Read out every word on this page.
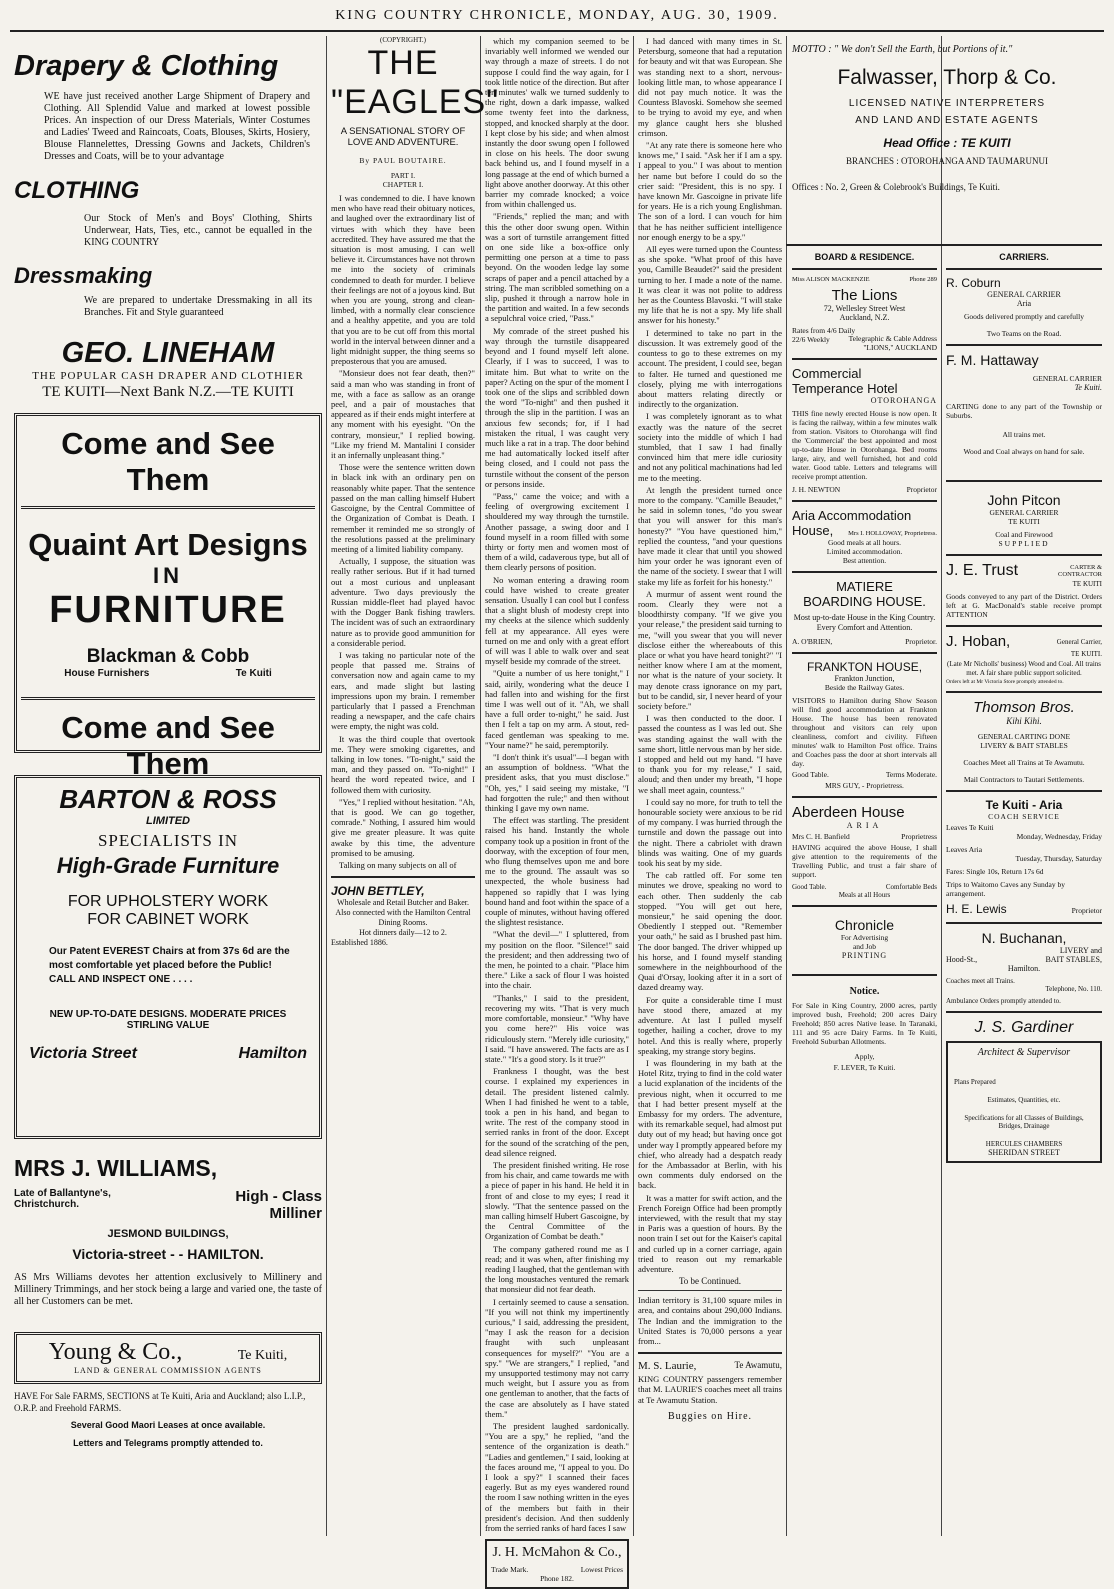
KING COUNTRY CHRONICLE, MONDAY, AUG. 30, 1909.
Drapery & Clothing
WE have just received another Large Shipment of Drapery and Clothing. All Splendid Value and marked at lowest possible Prices. An inspection of our Dress Materials, Winter Costumes and Ladies' Tweed and Raincoats, Coats, Blouses, Skirts, Hosiery, Blouse Flannelettes, Dressing Gowns and Jackets, Children's Dresses and Coats, will be to your advantage
CLOTHING
Our Stock of Men's and Boys' Clothing, Shirts Underwear, Hats, Ties, etc., cannot be equalled in the KING COUNTRY
Dressmaking
We are prepared to undertake Dressmaking in all its Branches. Fit and Style guaranteed
GEO. LINEHAM
THE POPULAR CASH DRAPER AND CLOTHIER
TE KUITI—Next Bank N.Z.—TE KUITI
Come and See Them
Quaint Art Designs
IN
FURNITURE
Blackman & Cobb
House Furnishers	Te Kuiti
Come and See Them
BARTON & ROSS
LIMITED
SPECIALISTS IN
High-Grade Furniture
FOR UPHOLSTERY WORK
FOR CABINET WORK
Our Patent EVEREST Chairs at from 37s 6d are the most comfortable yet placed before the Public! CALL AND INSPECT ONE . . . .
NEW UP-TO-DATE DESIGNS. MODERATE PRICES
STIRLING VALUE
Victoria Street	Hamilton
MRS J. WILLIAMS,
Late of Ballantyne's, Christchurch.	High - Class
Milliner
JESMOND BUILDINGS,
Victoria-street - - HAMILTON.
AS Mrs Williams devotes her attention exclusively to Millinery and Millinery Trimmings, and her stock being a large and varied one, the taste of all her Customers can be met.
Young & Co.,	Te Kuiti,
LAND & GENERAL COMMISSION AGENTS
HAVE For Sale FARMS, SECTIONS at Te Kuiti, Aria and Auckland; also L.I.P., O.R.P. and Freehold FARMS.
Several Good Maori Leases at once available.
Letters and Telegrams promptly attended to.
(COPYRIGHT.)
THE "EAGLES"
A SENSATIONAL STORY OF
LOVE AND ADVENTURE.
By PAUL BOUTAIRE.
PART I.
CHAPTER I.

I was condemned to die. I have known men who have read their obituary notices, and laughed over the extraordinary list of virtues with which they have been accredited. They have assured me that the situation is most amusing. I can well believe it. Circumstances have not thrown me into the society of criminals condemned to death for murder. I believe their feelings are not of a joyous kind. But when you are young, strong and clean-limbed, with a normally clear conscience and a healthy appetite, and you are told that you are to be cut off from this mortal world in the interval between dinner and a light midnight supper, the thing seems so preposterous that you are amused.

"Monsieur does not fear death, then?" said a man who was standing in front of me, with a face as sallow as an orange peel, and a pair of moustaches that appeared as if their ends might interfere at any moment with his eyesight. "On the contrary, monsieur," I replied bowing. "Like my friend M. Mantalini I consider it an infernally unpleasant thing."

Those were the sentence written down in black ink with an ordinary pen on reasonably white paper. That the sentence passed on the man calling himself Hubert Gascoigne, by the Central Committee of the Organization of Combat is Death. I remember it reminded me so strongly of the resolutions passed at the preliminary meeting of a limited liability company.

Actually, I suppose, the situation was really rather serious. But if it had turned out a most curious and unpleasant adventure. Two days previously the Russian middle-fleet had played havoc with the Dogger Bank fishing trawlers. The incident was of such an extraordinary nature as to provide good ammunition for a considerable period.

I was taking no particular note of the people that passed me. Strains of conversation now and again came to my ears, and made slight but lasting impressions upon my brain. I remember particularly that I passed a Frenchman reading a newspaper, and the cafe chairs were empty, the night was cold.

It was the third couple that overtook me. They were smoking cigarettes, and talking in low tones. "To-night," said the man, and they passed on. "To-night!" I heard the word repeated twice, and I followed them with curiosity.

"Yes," I replied without hesitation. "Ah, that is good. We can go together, comrade." Nothing, I assured him would give me greater pleasure. It was quite awake by this time, the adventure promised to be amusing.

Talking on many subjects on all of

JOHN BETTLEY,
Wholesale and Retail Butcher and Baker.
Also connected with the Hamilton Central Dining Rooms.
Hot dinners daily—12 to 2.
Established 1886.

which my companion seemed to be invariably well informed we wended our way through a maze of streets. I do not suppose I could find the way again, for I took little notice of the direction. But after ten minutes' walk we turned suddenly to the right, down a dark impasse, walked some twenty feet into the darkness, stopped, and knocked sharply at the door. I kept close by his side; and when almost instantly the door swung open I followed in close on his heels. The door swung back behind us, and I found myself in a long passage at the end of which burned a light above another doorway. At this other barrier my comrade knocked; a voice from within challenged us.

"Friends," replied the man; and with this the other door swung open. Within was a sort of turnstile arrangement fitted on one side like a box-office only permitting one person at a time to pass beyond. On the wooden ledge lay some scraps of paper and a pencil attached by a string. The man scribbled something on a slip, pushed it through a narrow hole in the partition and waited. In a few seconds a sepulchral voice cried, "Pass."

My comrade of the street pushed his way through the turnstile disappeared beyond and I found myself left alone. Clearly, if I was to succeed, I was to imitate him. But what to write on the paper? Acting on the spur of the moment I took one of the slips and scribbled down the word "To-night" and then pushed it through the slip in the partition. I was an anxious few seconds; for, if I had mistaken the ritual, I was caught very much like a rat in a trap. The door behind me had automatically locked itself after being closed, and I could not pass the turnstile without the consent of the person or persons inside.

"Pass," came the voice; and with a feeling of overgrowing excitement I shouldered my way through the turnstile. Another passage, a swing door and I found myself in a room filled with some thirty or forty men and women most of them of a wild, cadaverous type, but all of them clearly persons of position.

No woman entering a drawing room could have wished to create greater sensation. Usually I can cool but I confess that a slight blush of modesty crept into my cheeks at the silence which suddenly fell at my appearance. All eyes were turned on me and only with a great effort of will was I able to walk over and seat myself beside my comrade of the street.

"Quite a number of us here tonight," I said, airily, wondering what the deuce I had fallen into and wishing for the first time I was well out of it. "Ah, we shall have a full order to-night," he said. Just then I felt a tap on my arm. A stout, red-faced gentleman was speaking to me. "Your name?" he said, peremptorily.

"I don't think it's usual"—I began with an assumption of boldness. "What the president asks, that you must disclose." "Oh, yes," I said seeing my mistake, "I had forgotten the rule;" and then without thinking I gave my own name.

The effect was startling. The president raised his hand. Instantly the whole company took up a position in front of the doorway, with the exception of four men, who flung themselves upon me and bore me to the ground. The assault was so unexpected, the whole business had happened so rapidly that I was lying bound hand and foot within the space of a couple of minutes, without having offered the slightest resistance.

"What the devil—" I spluttered, from my position on the floor. "Silence!" said the president; and then addressing two of the men, he pointed to a chair. "Place him there." Like a sack of flour I was hoisted into the chair.

"Thanks," I said to the president, recovering my wits. "That is very much more comfortable, monsieur." "Why have you come here?" His voice was ridiculously stern. "Merely idle curiosity," I said. "I have answered. The facts are as I state." "It's a good story. Is it true?"

Frankness I thought, was the best course. I explained my experiences in detail. The president listened calmly. When I had finished he went to a table, took a pen in his hand, and began to write. The rest of the company stood in serried ranks in front of the door. Except for the sound of the scratching of the pen, dead silence reigned.

The president finished writing. He rose from his chair, and came towards me with a piece of paper in his hand. He held it in front of and close to my eyes; I read it slowly. "That the sentence passed on the man calling himself Hubert Gascoigne, by the Central Committee of the Organization of Combat be death."

The company gathered round me as I read; and it was when, after finishing my reading I laughed, that the gentleman with the long moustaches ventured the remark that monsieur did not fear death.

I certainly seemed to cause a sensation. "If you will not think my impertinently curious," I said, addressing the president, "may I ask the reason for a decision fraught with such unpleasant consequences for myself?" "You are a spy." "We are strangers," I replied, "and my unsupported testimony may not carry much weight, but I assure you as from one gentleman to another, that the facts of the case are absolutely as I have stated them."

The president laughed sardonically. "You are a spy," he replied, "and the sentence of the organization is death." "Ladies and gentlemen," I said, looking at the faces around me, "I appeal to you. Do I look a spy?" I scanned their faces eagerly. But as my eyes wandered round the room I saw nothing written in the eyes of the members but faith in their president's decision. And then suddenly from the serried ranks of hard faces I saw

J. H. McMahon & Co.,
Trade Mark.	Lowest Prices
Phone 182.

I had danced with many times in St. Petersburg, someone that had a reputation for beauty and wit that was European. She was standing next to a short, nervous-looking little man, to whose appearance I did not pay much notice. It was the Countess Blavoski. Somehow she seemed to be trying to avoid my eye, and when my glance caught hers she blushed crimson.

"At any rate there is someone here who knows me," I said. "Ask her if I am a spy. I appeal to you." I was about to mention her name but before I could do so the crier said: "President, this is no spy. I have known Mr. Gascoigne in private life for years. He is a rich young Englishman. The son of a lord. I can vouch for him that he has neither sufficient intelligence nor enough energy to be a spy."

All eyes were turned upon the Countess as she spoke. "What proof of this have you, Camille Beaudet?" said the president turning to her. I made a note of the name. It was clear it was not polite to address her as the Countess Blavoski. "I will stake my life that he is not a spy. My life shall answer for his honesty."

I determined to take no part in the discussion. It was extremely good of the countess to go to these extremes on my account. The president, I could see, began to falter. He turned and questioned me closely, plying me with interrogations about matters relating directly or indirectly to the organization.

I was completely ignorant as to what exactly was the nature of the secret society into the middle of which I had stumbled, that I saw I had finally convinced him that mere idle curiosity and not any political machinations had led me to the meeting.

At length the president turned once more to the company. "Camille Beaudet," he said in solemn tones, "do you swear that you will answer for this man's honesty?" "You have questioned him," replied the countess, "and your questions have made it clear that until you showed him your order he was ignorant even of the name of the society. I swear that I will stake my life as forfeit for his honesty."

A murmur of assent went round the room. Clearly they were not a bloodthirsty company. "If we give you your release," the president said turning to me, "will you swear that you will never disclose either the whereabouts of this place or what you have heard tonight?" "I neither know where I am at the moment, nor what is the nature of your society. It may denote crass ignorance on my part, but to be candid, sir, I never heard of your society before."

I was then conducted to the door. I passed the countess as I was led out. She was standing against the wall with the same short, little nervous man by her side. I stopped and held out my hand. "I have to thank you for my release," I said, aloud; and then under my breath, "I hope we shall meet again, countess."

I could say no more, for truth to tell the honourable society were anxious to be rid of my company. I was hurried through the turnstile and down the passage out into the night. There a cabriolet with drawn blinds was waiting. One of my guards took his seat by my side.

The cab rattled off. For some ten minutes we drove, speaking no word to each other. Then suddenly the cab stopped. "You will get out here, monsieur," he said opening the door. Obediently I stepped out. "Remember your oath," he said as I brushed past him. The door banged. The driver whipped up his horse, and I found myself standing somewhere in the neighbourhood of the Quai d'Orsay, looking after it in a sort of dazed dreamy way.

For quite a considerable time I must have stood there, amazed at my adventure. At last I pulled myself together, hailing a cocher, drove to my hotel. And this is really where, properly speaking, my strange story begins.

I was floundering in my bath at the Hotel Ritz, trying to find in the cold water a lucid explanation of the incidents of the previous night, when it occurred to me that I had better present myself at the Embassy for my orders. The adventure, with its remarkable sequel, had almost put duty out of my head; but having once got under way I promptly appeared before my chief, who already had a despatch ready for the Ambassador at Berlin, with his own comments duly endorsed on the back.

It was a matter for swift action, and the French Foreign Office had been promptly interviewed, with the result that my stay in Paris was a question of hours. By the noon train I set out for the Kaiser's capital and curled up in a corner carriage, again tried to reason out my remarkable adventure.

To be Continued.
Indian territory is 31,100 square miles in area, and contains about 290,000 Indians. The Indian and the immigration to the United States is 70,000 persons a year from...
M. S. Laurie,	Te Awamutu,
KING COUNTRY passengers remember that M. LAURIE'S coaches meet all trains at Te Awamutu Station.
Buggies on Hire.
MOTTO : " We don't Sell the Earth, but Portions of it."
Falwasser, Thorp & Co.
LICENSED NATIVE INTERPRETERS
AND LAND AND ESTATE AGENTS
Head Office : TE KUITI
BRANCHES : OTOROHANGA AND TAUMARUNUI
Offices : No. 2, Green & Colebrook's Buildings, Te Kuiti.
BOARD & RESIDENCE.
Miss ALISON MACKENZIE	Phone 289
The Lions
72, Wellesley Street West
Auckland, N.Z.
Rates from 4/6 Daily
22/6 Weekly	Telegraphic & Cable Address
"LIONS," AUCKLAND
Commercial
Temperance Hotel
OTOROHANGA
THIS fine newly erected House is now open. It is facing the railway, within a few minutes walk from station. Visitors to Otorohanga will find the 'Commercial' the best appointed and most up-to-date House in Otorohanga. Bed rooms large, airy, and well furnished, hot and cold water. Good table. Letters and telegrams will receive prompt attention.
J. H. NEWTON	Proprietor
Aria Accommodation
House, Mrs I. HOLLOWAY, Proprietress.
Good meals at all hours.
Limited accommodation.
Best attention.
MATIERE
BOARDING HOUSE.
Most up-to-date House in the King Country. Every Comfort and Attention.
A. O'BRIEN,	Proprietor.
FRANKTON HOUSE,
Frankton Junction,
Beside the Railway Gates.
VISITORS to Hamilton during Show Season will find good accommodation at Frankton House. The house has been renovated throughout and visitors can rely upon cleanliness, comfort and civility. Fifteen minutes' walk to Hamilton Post office. Trains and Coaches pass the door at short intervals all day.
Good Table.	Terms Moderate.
MRS GUY, - Proprietress.
Aberdeen House
ARIA
Mrs C. H. Banfield	Proprietress
HAVING acquired the above House, I shall give attention to the requirements of the Travelling Public, and trust a fair share of support.
Good Table.	Comfortable Beds
Meals at all Hours
Chronicle
For Advertising
and Job
PRINTING
Notice.
For Sale in King Country, 2000 acres, partly improved bush, Freehold; 200 acres Dairy Freehold; 850 acres Native lease. In Taranaki, 111 and 95 acre Dairy Farms. In Te Kuiti, Freehold Suburban Allotments.
Apply,
F. LEVER, Te Kuiti.
CARRIERS.
R. Coburn
GENERAL CARRIER
Aria
Goods delivered promptly and carefully
Two Teams on the Road.
F. M. Hattaway
GENERAL CARRIER
Te Kuiti.
CARTING done to any part of the Township or Suburbs.
All trains met.
Wood and Coal always on hand for sale.
John Pitcon
GENERAL CARRIER
TE KUITI
Coal and Firewood
SUPPLIED
J. E. Trust	CARTER & CONTRACTOR
TE KUITI
Goods conveyed to any part of the District. Orders left at G. MacDonald's stable receive prompt ATTENTION
J. Hoban,	General Carrier,
TE KUITI.
(Late Mr Nicholls' business) Wood and Coal. All trains met. A fair share public support solicited.
Orders left at Mr Victoria Store promptly attended to.
Thomson Bros.
Kihi Kihi.
GENERAL CARTING DONE
LIVERY & BAIT STABLES
Coaches Meet all Trains at Te Awamutu.
Mail Contractors to Tautari Settlements.
Te Kuiti - Aria
COACH SERVICE
Leaves Te Kuiti
Monday, Wednesday, Friday
Leaves Aria
Tuesday, Thursday, Saturday
Fares: Single 10s, Return 17s 6d
Trips to Waitomo Caves any Sunday by arrangement.
H. E. Lewis	Proprietor
N. Buchanan,
LIVERY and
Hood-St.,	BAIT STABLES,
Hamilton.
Coaches meet all Trains.
Telephone, No. 110.
Ambulance Orders promptly attended to.
J. S. Gardiner
Architect & Supervisor
Plans Prepared
Estimates, Quantities, etc.
Specifications for all Classes of Buildings, Bridges, Drainage
HERCULES CHAMBERS
SHERIDAN STREET
